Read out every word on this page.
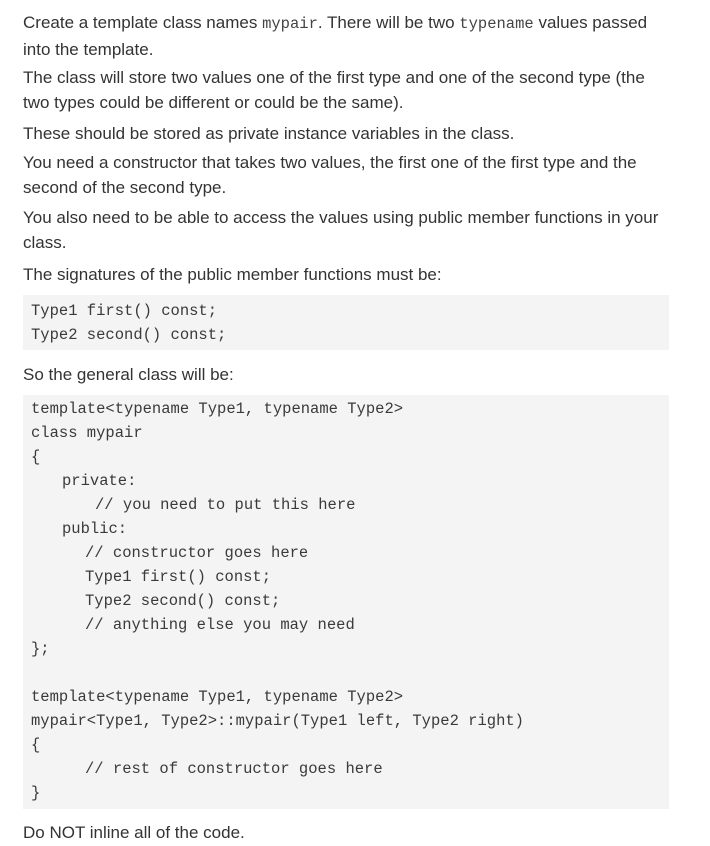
Create a template class names mypair. There will be two typename values passed into the template.

The class will store two values one of the first type and one of the second type (the two types could be different or could be the same).

These should be stored as private instance variables in the class.

You need a constructor that takes two values, the first one of the first type and the second of the second type.

You also need to be able to access the values using public member functions in your class.

The signatures of the public member functions must be:

Type1 first() const;
Type2 second() const;

So the general class will be:

template<typename Type1, typename Type2>
class mypair
{
private:
// you need to put this here
public:
// constructor goes here
Type1 first() const;
Type2 second() const;
// anything else you may need
};
template<typename Type1, typename Type2>
mypair<Type1, Type2>::mypair(Type1 left, Type2 right)
{
// rest of constructor goes here
}

Do NOT inline all of the code.
